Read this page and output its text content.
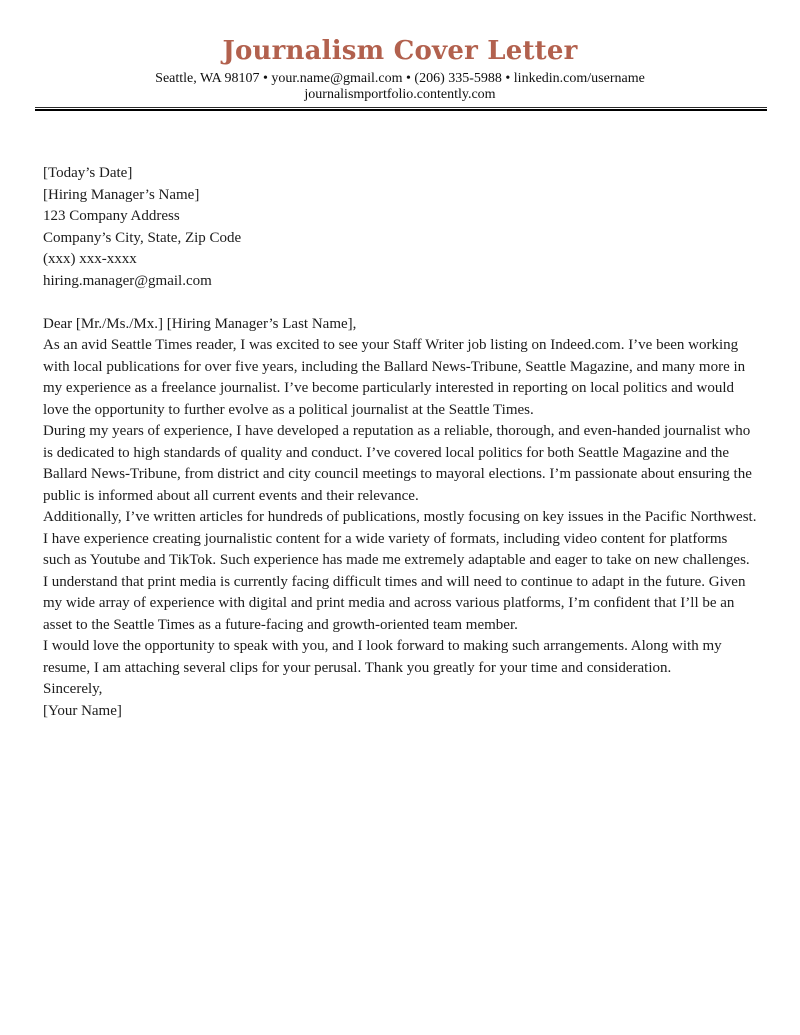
Journalism Cover Letter
Seattle, WA 98107 • your.name@gmail.com • (206) 335-5988 • linkedin.com/username
journalismportfolio.contently.com

[Today’s Date]

[Hiring Manager’s Name]

123 Company Address

Company’s City, State, Zip Code

(xxx) xxx-xxxx

hiring.manager@gmail.com

Dear [Mr./Ms./Mx.] [Hiring Manager’s Last Name],

As an avid Seattle Times reader, I was excited to see your Staff Writer job listing on Indeed.com. I’ve been working with local publications for over five years, including the Ballard News-Tribune, Seattle Magazine, and many more in my experience as a freelance journalist. I’ve become particularly interested in reporting on local politics and would love the opportunity to further evolve as a political journalist at the Seattle Times.

During my years of experience, I have developed a reputation as a reliable, thorough, and even-handed journalist who is dedicated to high standards of quality and conduct. I’ve covered local politics for both Seattle Magazine and the Ballard News-Tribune, from district and city council meetings to mayoral elections. I’m passionate about ensuring the public is informed about all current events and their relevance.

Additionally, I’ve written articles for hundreds of publications, mostly focusing on key issues in the Pacific Northwest. I have experience creating journalistic content for a wide variety of formats, including video content for platforms such as Youtube and TikTok. Such experience has made me extremely adaptable and eager to take on new challenges.

I understand that print media is currently facing difficult times and will need to continue to adapt in the future. Given my wide array of experience with digital and print media and across various platforms, I’m confident that I’ll be an asset to the Seattle Times as a future-facing and growth-oriented team member.

I would love the opportunity to speak with you, and I look forward to making such arrangements. Along with my resume, I am attaching several clips for your perusal. Thank you greatly for your time and consideration.

Sincerely,

[Your Name]
